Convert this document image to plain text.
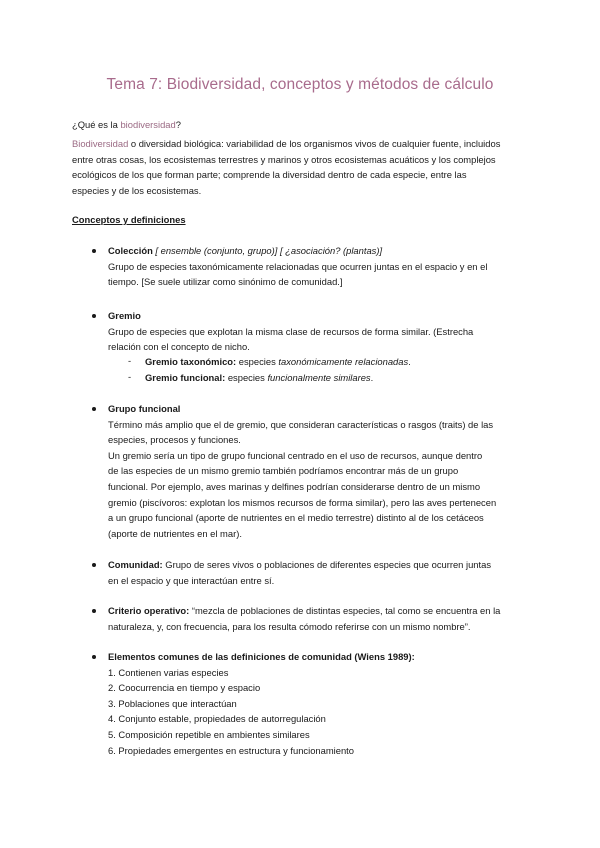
Tema 7: Biodiversidad, conceptos y métodos de cálculo
¿Qué es la biodiversidad?
Biodiversidad o diversidad biológica: variabilidad de los organismos vivos de cualquier fuente, incluidos
entre otras cosas, los ecosistemas terrestres y marinos y otros ecosistemas acuáticos y los complejos
ecológicos de los que forman parte; comprende la diversidad dentro de cada especie, entre las
especies y de los ecosistemas.
Conceptos y definiciones
Colección [ ensemble (conjunto, grupo)] [ ¿asociación? (plantas)]
Grupo de especies taxonómicamente relacionadas que ocurren juntas en el espacio y en el
tiempo. [Se suele utilizar como sinónimo de comunidad.]
Gremio
Grupo de especies que explotan la misma clase de recursos de forma similar. (Estrecha
relación con el concepto de nicho.
- Gremio taxonómico: especies taxonómicamente relacionadas.
- Gremio funcional: especies funcionalmente similares.
Grupo funcional
Término más amplio que el de gremio, que consideran características o rasgos (traits) de las
especies, procesos y funciones.
Un gremio sería un tipo de grupo funcional centrado en el uso de recursos, aunque dentro
de las especies de un mismo gremio también podríamos encontrar más de un grupo
funcional. Por ejemplo, aves marinas y delfines podrían considerarse dentro de un mismo
gremio (piscívoros: explotan los mismos recursos de forma similar), pero las aves pertenecen
a un grupo funcional (aporte de nutrientes en el medio terrestre) distinto al de los cetáceos
(aporte de nutrientes en el mar).
Comunidad: Grupo de seres vivos o poblaciones de diferentes especies que ocurren juntas
en el espacio y que interactúan entre sí.
Criterio operativo: “mezcla de poblaciones de distintas especies, tal como se encuentra en la
naturaleza, y, con frecuencia, para los resulta cómodo referirse con un mismo nombre”.
Elementos comunes de las definiciones de comunidad (Wiens 1989):
1. Contienen varias especies
2. Coocurrencia en tiempo y espacio
3. Poblaciones que interactúan
4. Conjunto estable, propiedades de autorregulación
5. Composición repetible en ambientes similares
6. Propiedades emergentes en estructura y funcionamiento
